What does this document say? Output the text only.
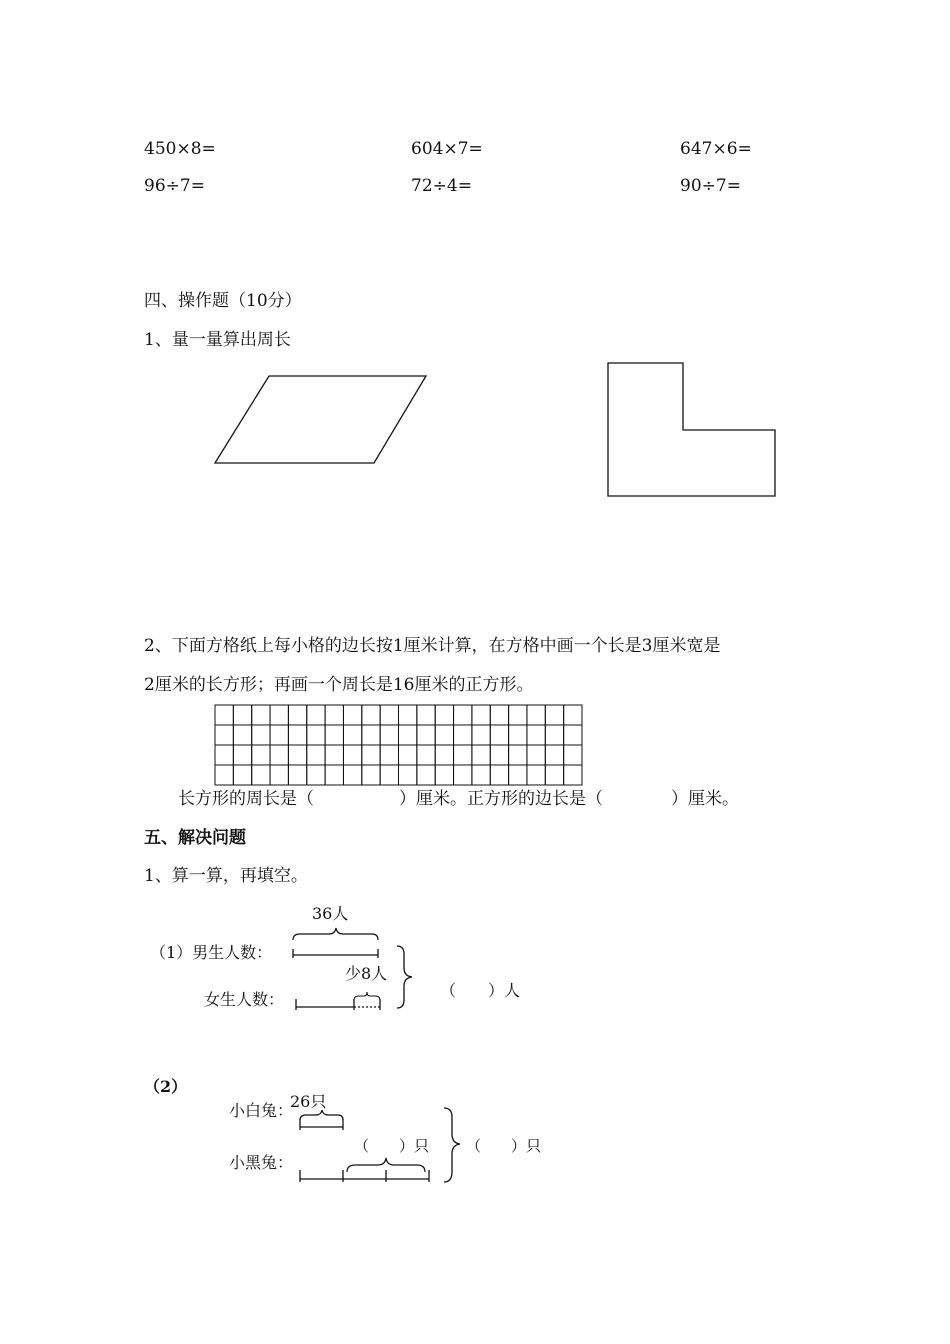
450×8=	604×7=	647×6=
96÷7=	72÷4=	90÷7=
四、操作题（10分）
1、量一量算出周长
2、下面方格纸上每小格的边长按1厘米计算，在方格中画一个长是3厘米宽是
2厘米的长方形；再画一个周长是16厘米的正方形。
长方形的周长是（　　　　　）厘米。正方形的边长是（　　　　）厘米。
五、解决问题
1、算一算，再填空。
36人
（1）男生人数：
少8人
女生人数：	（　　）人
（2）
小白兔：
26只
小黑兔：
（　　）只 （　　）只
